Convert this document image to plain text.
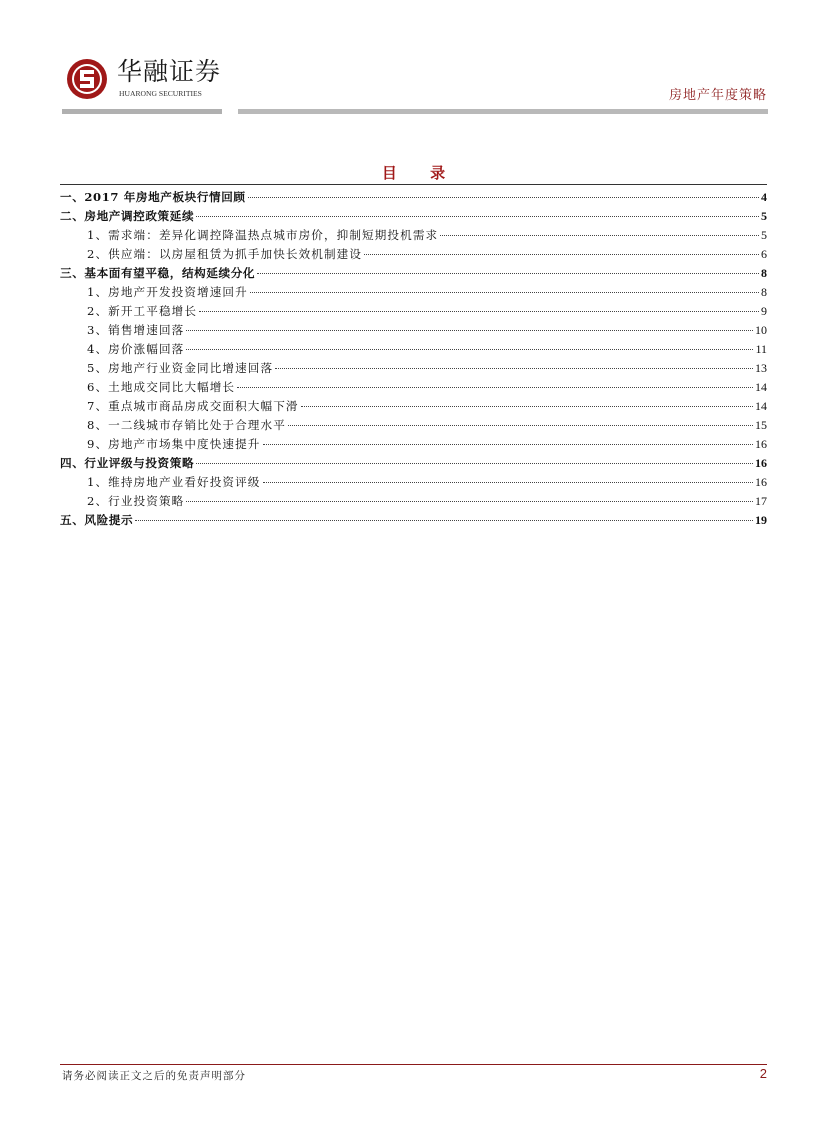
华融证券
HUARONG SECURITIES	房地产年度策略
目 录
一、2017 年房地产板块行情回顾	4
二、房地产调控政策延续	5
1、需求端：差异化调控降温热点城市房价，抑制短期投机需求	5
2、供应端：以房屋租赁为抓手加快长效机制建设	6
三、基本面有望平稳，结构延续分化	8
1、房地产开发投资增速回升	8
2、新开工平稳增长	9
3、销售增速回落	10
4、房价涨幅回落	11
5、房地产行业资金同比增速回落	13
6、土地成交同比大幅增长	14
7、重点城市商品房成交面积大幅下滑	14
8、一二线城市存销比处于合理水平	15
9、房地产市场集中度快速提升	16
四、行业评级与投资策略	16
1、维持房地产业看好投资评级	16
2、行业投资策略	17
五、风险提示	19
请务必阅读正文之后的免责声明部分	2
